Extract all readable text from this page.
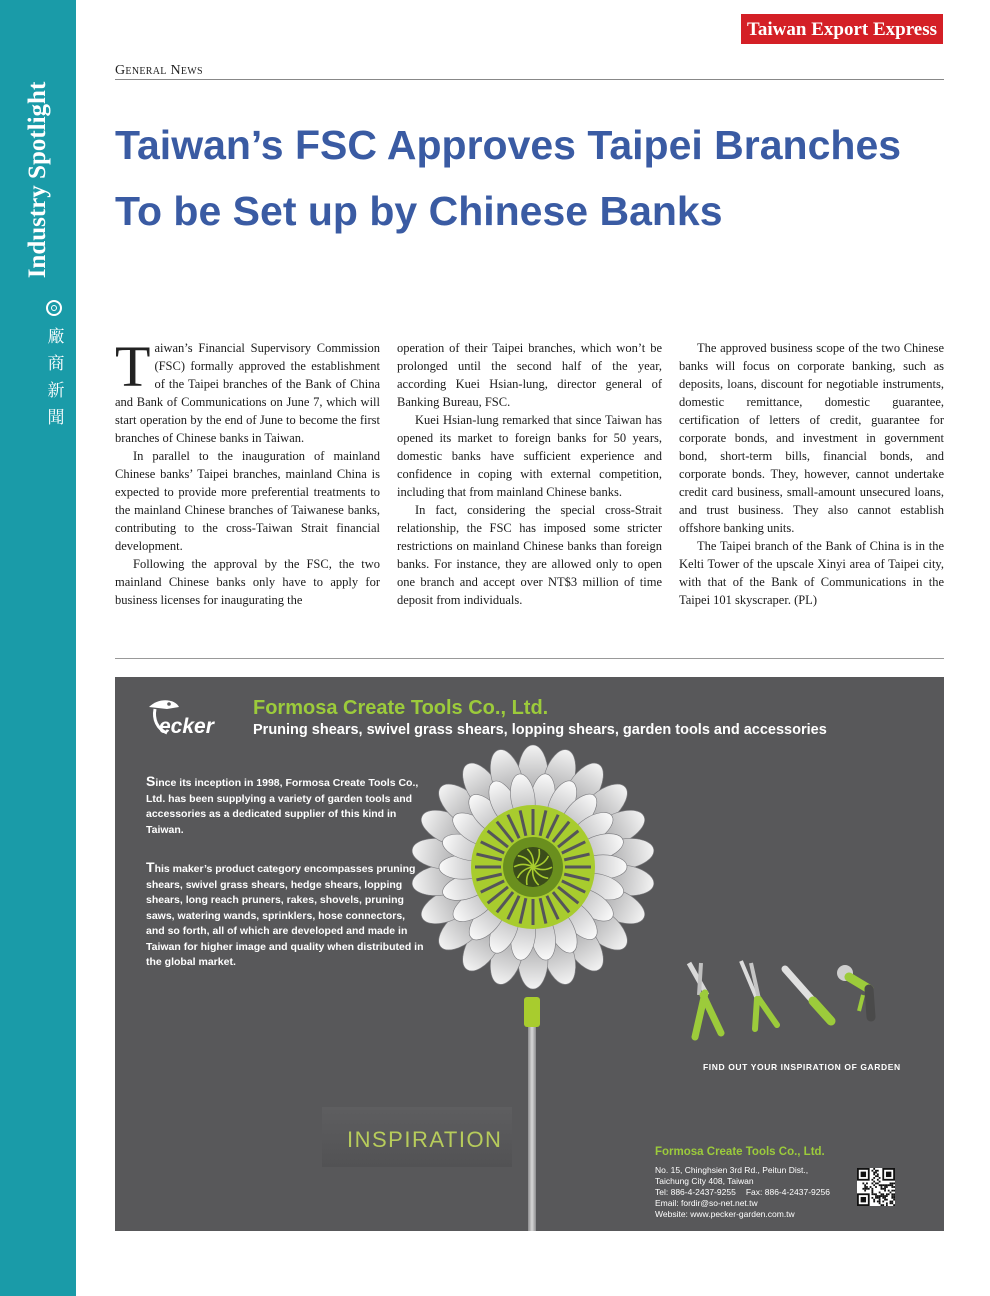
Industry Spotlight
廠
商
新
聞
Taiwan Export Express
General News
Taiwan’s FSC Approves Taipei Branches
To be Set up by Chinese Banks

Taiwan’s Financial Supervisory Commission (FSC) formally approved the establishment of the Taipei branches of the Bank of China and Bank of Communications on June 7, which will start operation by the end of June to become the first branches of Chinese banks in Taiwan.

In parallel to the inauguration of mainland Chinese banks’ Taipei branches, mainland China is expected to provide more preferential treatments to the mainland Chinese branches of Taiwanese banks, contributing to the cross-Taiwan Strait financial development.

Following the approval by the FSC, the two mainland Chinese banks only have to apply for business licenses for inaugurating the

operation of their Taipei branches, which won’t be prolonged until the second half of the year, according Kuei Hsian-lung, director general of Banking Bureau, FSC.

Kuei Hsian-lung remarked that since Taiwan has opened its market to foreign banks for 50 years, domestic banks have sufficient experience and confidence in coping with external competition, including that from mainland Chinese banks.

In fact, considering the special cross-Strait relationship, the FSC has imposed some stricter restrictions on mainland Chinese banks than foreign banks. For instance, they are allowed only to open one branch and accept over NT$3 million of time deposit from individuals.

The approved business scope of the two Chinese banks will focus on corporate banking, such as deposits, loans, discount for negotiable instruments, domestic remittance, domestic guarantee, certification of letters of credit, guarantee for corporate bonds, and investment in government bond, short-term bills, financial bonds, and corporate bonds. They, however, cannot undertake credit card business, small-amount unsecured loans, and trust business. They also cannot establish offshore banking units.

The Taipei branch of the Bank of China is in the Kelti Tower of the upscale Xinyi area of Taipei city, with that of the Bank of Communications in the Taipei 101 skyscraper. (PL)

ecker
Formosa Create Tools Co., Ltd.
Pruning shears, swivel grass shears, lopping shears, garden tools and accessories

Since its inception in 1998, Formosa Create Tools Co., Ltd. has been supplying a variety of garden tools and accessories as a dedicated supplier of this kind in Taiwan.

This maker’s product category encompasses pruning shears, swivel grass shears, hedge shears, lopping shears, long reach pruners, rakes, shovels, pruning saws, watering wands, sprinklers, hose connectors, and so forth, all of which are developed and made in Taiwan for higher image and quality when distributed in the global market.

INSPIRATION
FIND OUT YOUR INSPIRATION OF GARDEN
Formosa Create Tools Co., Ltd.
No. 15, Chinghsien 3rd Rd., Peitun Dist.,
Taichung City 408, Taiwan
Tel: 886-4-2437-9255 Fax: 886-4-2437-9256
Email: fordir@so-net.net.tw
Website: www.pecker-garden.com.tw
